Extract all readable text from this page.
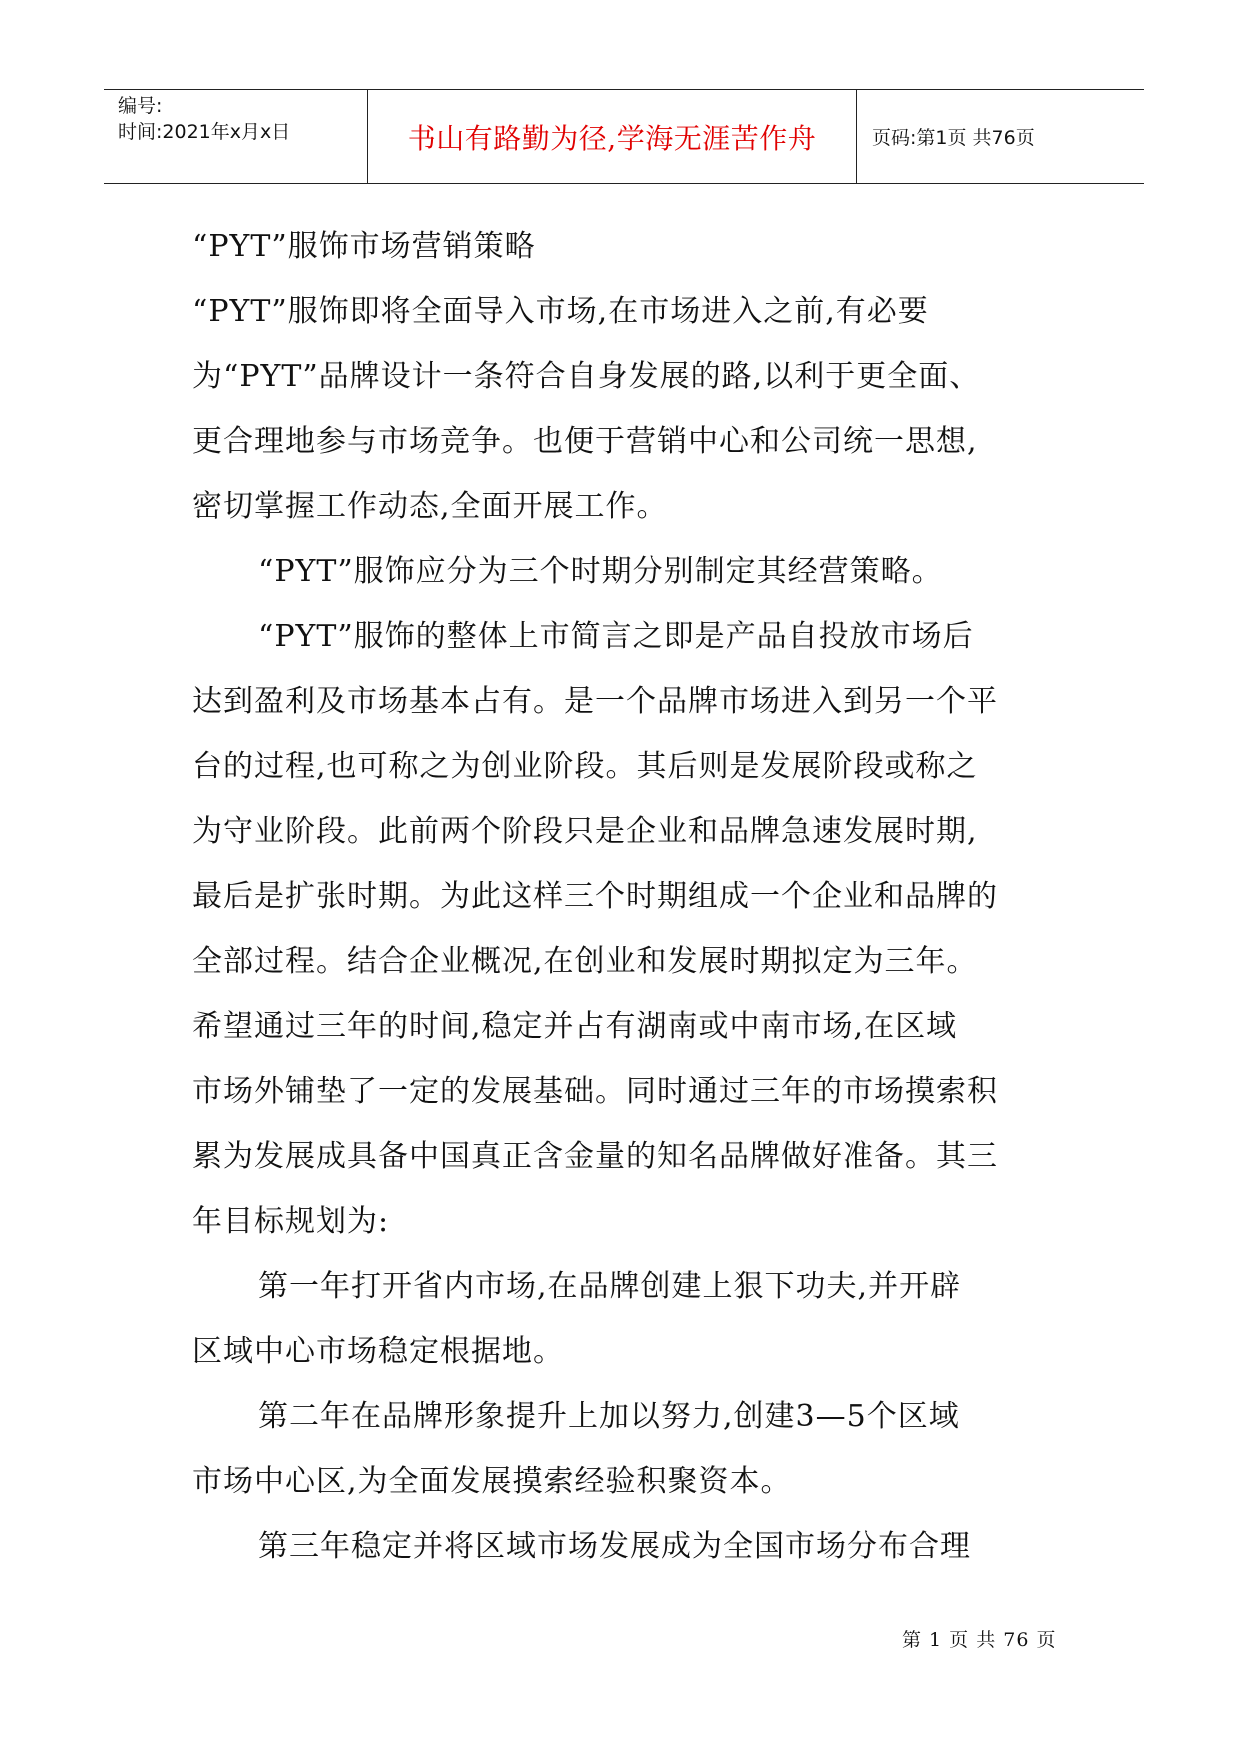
编号:
时间:2021年x月x日	书山有路勤为径,学海无涯苦作舟	页码:第1页 共76页
“PYT”服饰市场营销策略
“PYT”服饰即将全面导入市场,在市场进入之前,有必要
为“PYT”品牌设计一条符合自身发展的路,以利于更全面、
更合理地参与市场竞争。也便于营销中心和公司统一思想,
密切掌握工作动态,全面开展工作。
“PYT”服饰应分为三个时期分别制定其经营策略。
“PYT”服饰的整体上市简言之即是产品自投放市场后
达到盈利及市场基本占有。是一个品牌市场进入到另一个平
台的过程,也可称之为创业阶段。其后则是发展阶段或称之
为守业阶段。此前两个阶段只是企业和品牌急速发展时期,
最后是扩张时期。为此这样三个时期组成一个企业和品牌的
全部过程。结合企业概况,在创业和发展时期拟定为三年。
希望通过三年的时间,稳定并占有湖南或中南市场,在区域
市场外铺垫了一定的发展基础。同时通过三年的市场摸索积
累为发展成具备中国真正含金量的知名品牌做好准备。其三
年目标规划为:
第一年打开省内市场,在品牌创建上狠下功夫,并开辟
区域中心市场稳定根据地。
第二年在品牌形象提升上加以努力,创建3—5个区域
市场中心区,为全面发展摸索经验积聚资本。
第三年稳定并将区域市场发展成为全国市场分布合理
第 1 页 共 76 页
